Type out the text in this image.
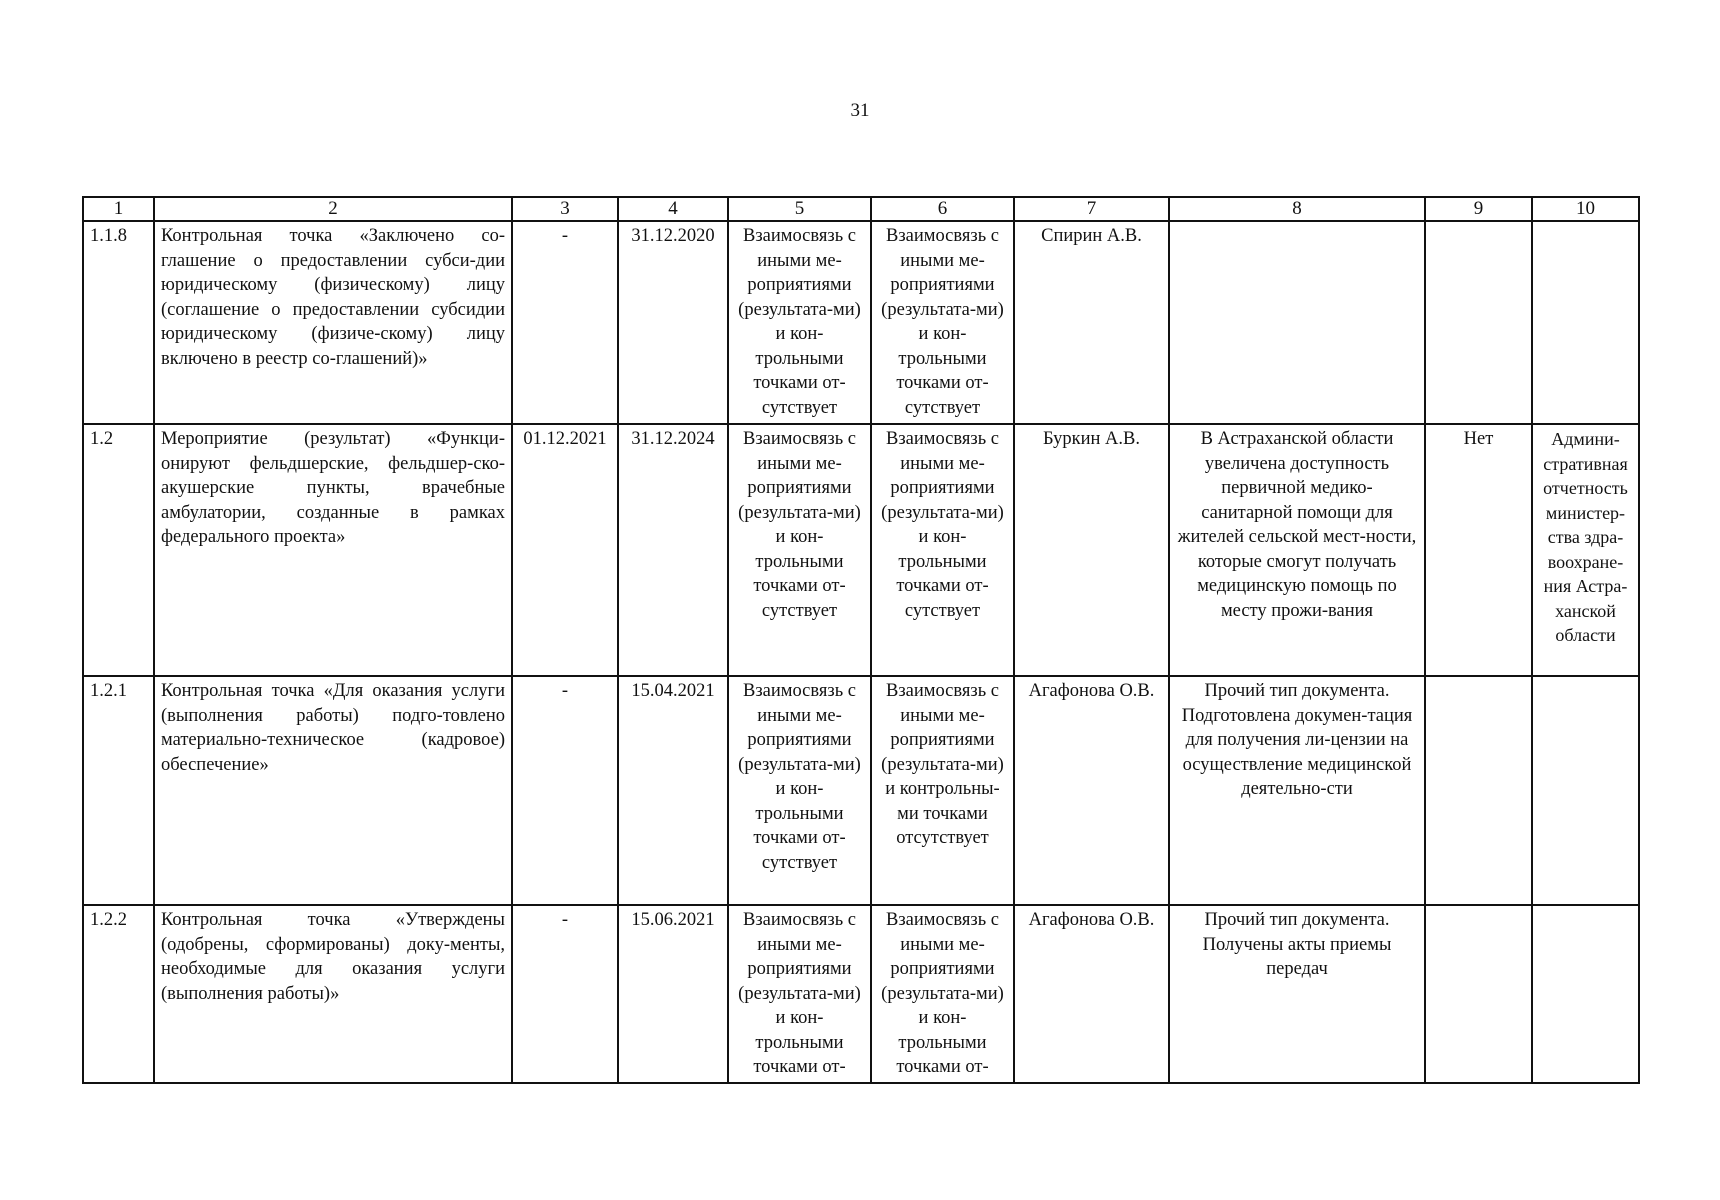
31
1	2	3	4	5	6	7	8	9	10
1.1.8	Контрольная точка «Заключено со-глашение о предоставлении субси-дии юридическому (физическому) лицу (соглашение о предоставлении субсидии юридическому (физиче-скому) лицу включено в реестр со-глашений)»	-	31.12.2020	Взаимосвязь с иными ме-роприятиями (результата-ми) и кон-трольными точками от-сутствует	Взаимосвязь с иными ме-роприятиями (результата-ми) и кон-трольными точками от-сутствует	Спирин А.В.			
1.2	Мероприятие (результат) «Функци-онируют фельдшерские, фельдшер-ско-акушерские пункты, врачебные амбулатории, созданные в рамках федерального проекта»	01.12.2021	31.12.2024	Взаимосвязь с иными ме-роприятиями (результата-ми) и кон-трольными точками от-сутствует	Взаимосвязь с иными ме-роприятиями (результата-ми) и кон-трольными точками от-сутствует	Буркин А.В.	В Астраханской области увеличена доступность первичной медико-санитарной помощи для жителей сельской мест-ности, которые смогут получать медицинскую помощь по месту прожи-вания	Нет	Админи-стративная отчетность министер-ства здра-воохране-ния Астра-ханской области
1.2.1	Контрольная точка «Для оказания услуги (выполнения работы) подго-товлено материально-техническое (кадровое) обеспечение»	-	15.04.2021	Взаимосвязь с иными ме-роприятиями (результата-ми) и кон-трольными точками от-сутствует	Взаимосвязь с иными ме-роприятиями (результата-ми) и контрольны-ми точками отсутствует	Агафонова О.В.	Прочий тип документа. Подготовлена докумен-тация для получения ли-цензии на осуществление медицинской деятельно-сти		
1.2.2	Контрольная точка «Утверждены (одобрены, сформированы) доку-менты, необходимые для оказания услуги (выполнения работы)»	-	15.06.2021	Взаимосвязь с иными ме-роприятиями (результата-ми) и кон-трольными точками от-	Взаимосвязь с иными ме-роприятиями (результата-ми) и кон-трольными точками от-	Агафонова О.В.	Прочий тип документа. Получены акты приемы передач		
